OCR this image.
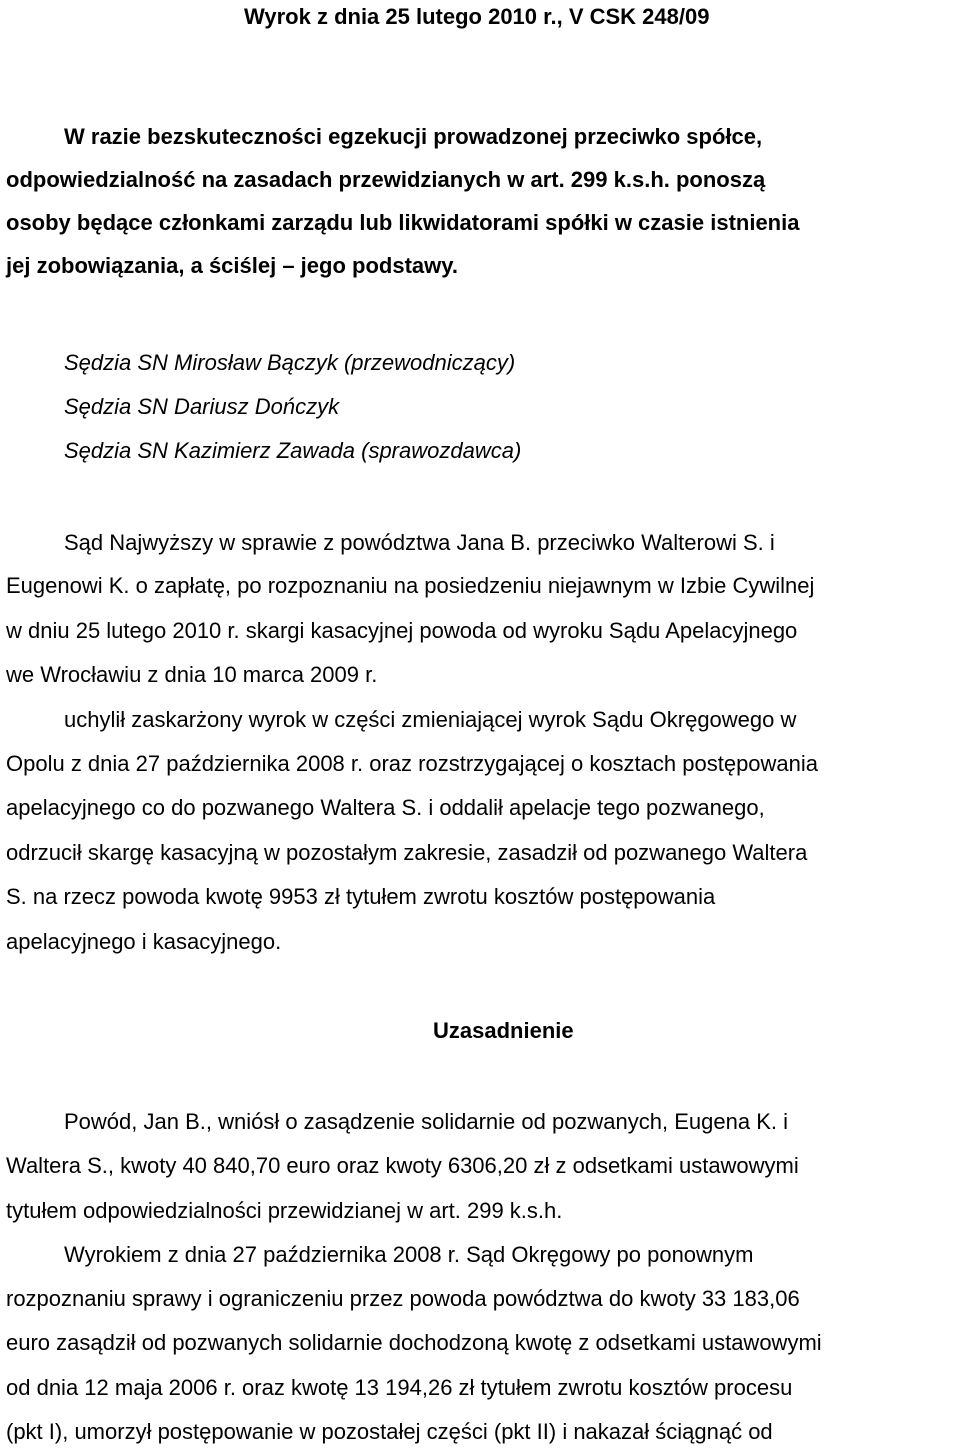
Wyrok z dnia 25 lutego 2010 r., V CSK 248/09
W razie bezskuteczności egzekucji prowadzonej przeciwko spółce,
odpowiedzialność na zasadach przewidzianych w art. 299 k.s.h. ponoszą
osoby będące członkami zarządu lub likwidatorami spółki w czasie istnienia
jej zobowiązania, a ściślej – jego podstawy.
Sędzia SN Mirosław Bączyk (przewodniczący)
Sędzia SN Dariusz Dończyk
Sędzia SN Kazimierz Zawada (sprawozdawca)
Sąd Najwyższy w sprawie z powództwa Jana B. przeciwko Walterowi S. i
Eugenowi K. o zapłatę, po rozpoznaniu na posiedzeniu niejawnym w Izbie Cywilnej
w dniu 25 lutego 2010 r. skargi kasacyjnej powoda od wyroku Sądu Apelacyjnego
we Wrocławiu z dnia 10 marca 2009 r.
uchylił zaskarżony wyrok w części zmieniającej wyrok Sądu Okręgowego w
Opolu z dnia 27 października 2008 r. oraz rozstrzygającej o kosztach postępowania
apelacyjnego co do pozwanego Waltera S. i oddalił apelacje tego pozwanego,
odrzucił skargę kasacyjną w pozostałym zakresie, zasadził od pozwanego Waltera
S. na rzecz powoda kwotę 9953 zł tytułem zwrotu kosztów postępowania
apelacyjnego i kasacyjnego.
Uzasadnienie
Powód, Jan B., wniósł o zasądzenie solidarnie od pozwanych, Eugena K. i
Waltera S., kwoty 40 840,70 euro oraz kwoty 6306,20 zł z odsetkami ustawowymi
tytułem odpowiedzialności przewidzianej w art. 299 k.s.h.
Wyrokiem z dnia 27 października 2008 r. Sąd Okręgowy po ponownym
rozpoznaniu sprawy i ograniczeniu przez powoda powództwa do kwoty 33 183,06
euro zasądził od pozwanych solidarnie dochodzoną kwotę z odsetkami ustawowymi
od dnia 12 maja 2006 r. oraz kwotę 13 194,26 zł tytułem zwrotu kosztów procesu
(pkt I), umorzył postępowanie w pozostałej części (pkt II) i nakazał ściągnąć od
